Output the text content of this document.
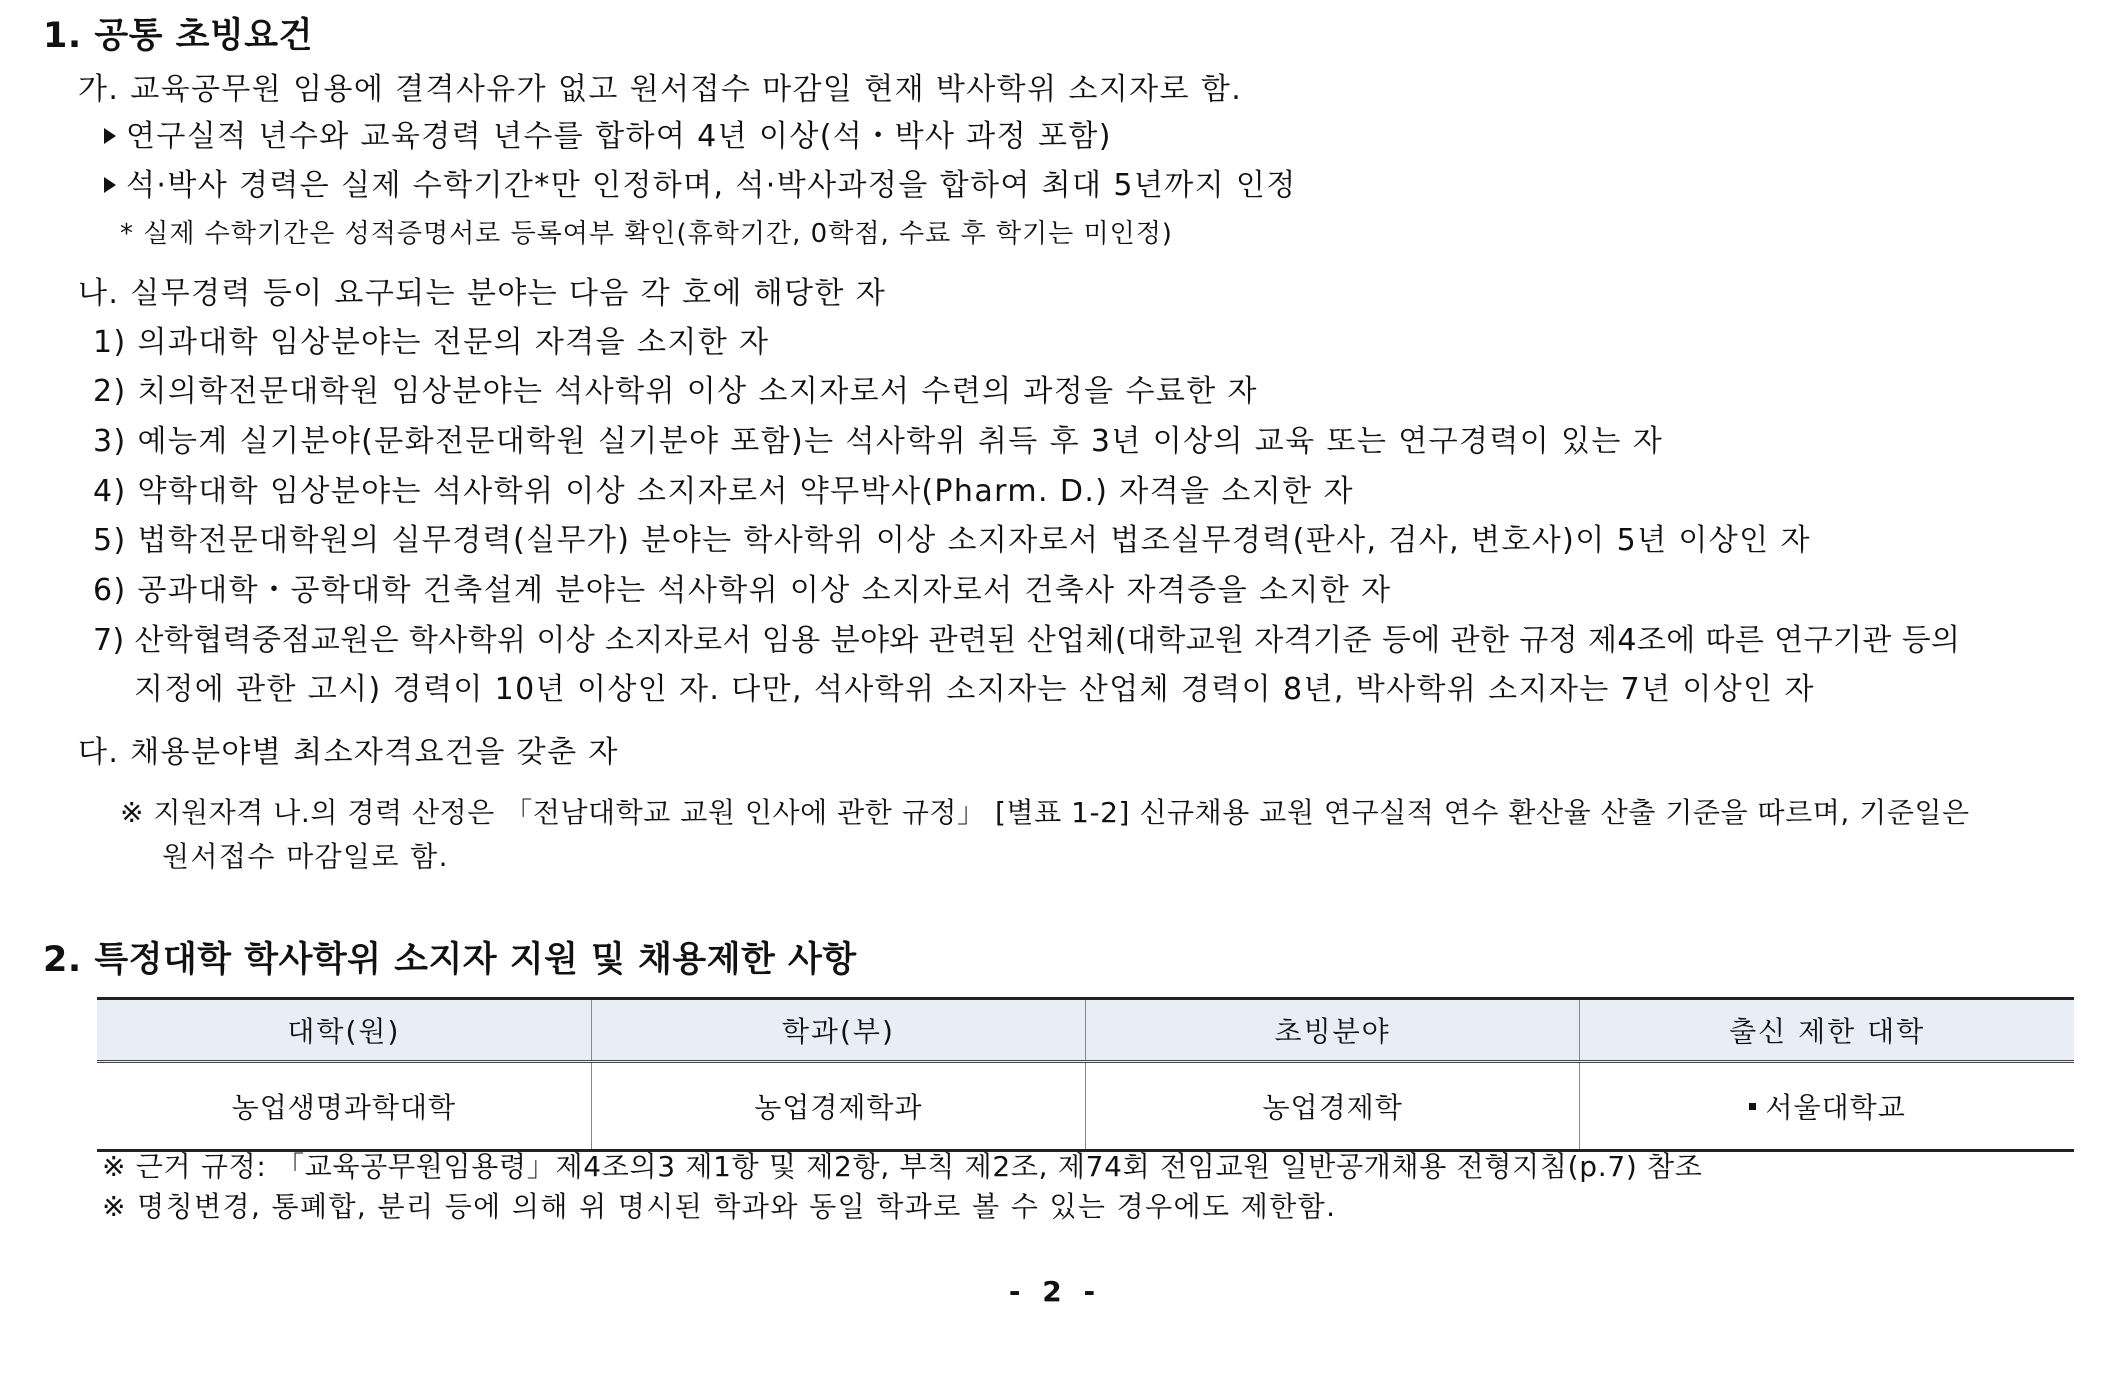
1. 공통 초빙요건
가. 교육공무원 임용에 결격사유가 없고 원서접수 마감일 현재 박사학위 소지자로 함.
연구실적 년수와 교육경력 년수를 합하여 4년 이상(석・박사 과정 포함)
석·박사 경력은 실제 수학기간*만 인정하며, 석·박사과정을 합하여 최대 5년까지 인정
* 실제 수학기간은 성적증명서로 등록여부 확인(휴학기간, 0학점, 수료 후 학기는 미인정)
나. 실무경력 등이 요구되는 분야는 다음 각 호에 해당한 자
1) 의과대학 임상분야는 전문의 자격을 소지한 자
2) 치의학전문대학원 임상분야는 석사학위 이상 소지자로서 수련의 과정을 수료한 자
3) 예능계 실기분야(문화전문대학원 실기분야 포함)는 석사학위 취득 후 3년 이상의 교육 또는 연구경력이 있는 자
4) 약학대학 임상분야는 석사학위 이상 소지자로서 약무박사(Pharm. D.) 자격을 소지한 자
5) 법학전문대학원의 실무경력(실무가) 분야는 학사학위 이상 소지자로서 법조실무경력(판사, 검사, 변호사)이 5년 이상인 자
6) 공과대학・공학대학 건축설계 분야는 석사학위 이상 소지자로서 건축사 자격증을 소지한 자
7) 산학협력중점교원은 학사학위 이상 소지자로서 임용 분야와 관련된 산업체(대학교원 자격기준 등에 관한 규정 제4조에 따른 연구기관 등의
지정에 관한 고시) 경력이 10년 이상인 자. 다만, 석사학위 소지자는 산업체 경력이 8년, 박사학위 소지자는 7년 이상인 자
다. 채용분야별 최소자격요건을 갖춘 자
※ 지원자격 나.의 경력 산정은 「전남대학교 교원 인사에 관한 규정」 [별표 1-2] 신규채용 교원 연구실적 연수 환산율 산출 기준을 따르며, 기준일은
원서접수 마감일로 함.
2. 특정대학 학사학위 소지자 지원 및 채용제한 사항
대학(원)	학과(부)	초빙분야	출신 제한 대학
농업생명과학대학	농업경제학과	농업경제학	서울대학교
※ 근거 규정: 「교육공무원임용령」제4조의3 제1항 및 제2항, 부칙 제2조, 제74회 전임교원 일반공개채용 전형지침(p.7) 참조
※ 명칭변경, 통폐합, 분리 등에 의해 위 명시된 학과와 동일 학과로 볼 수 있는 경우에도 제한함.
- 2 -
